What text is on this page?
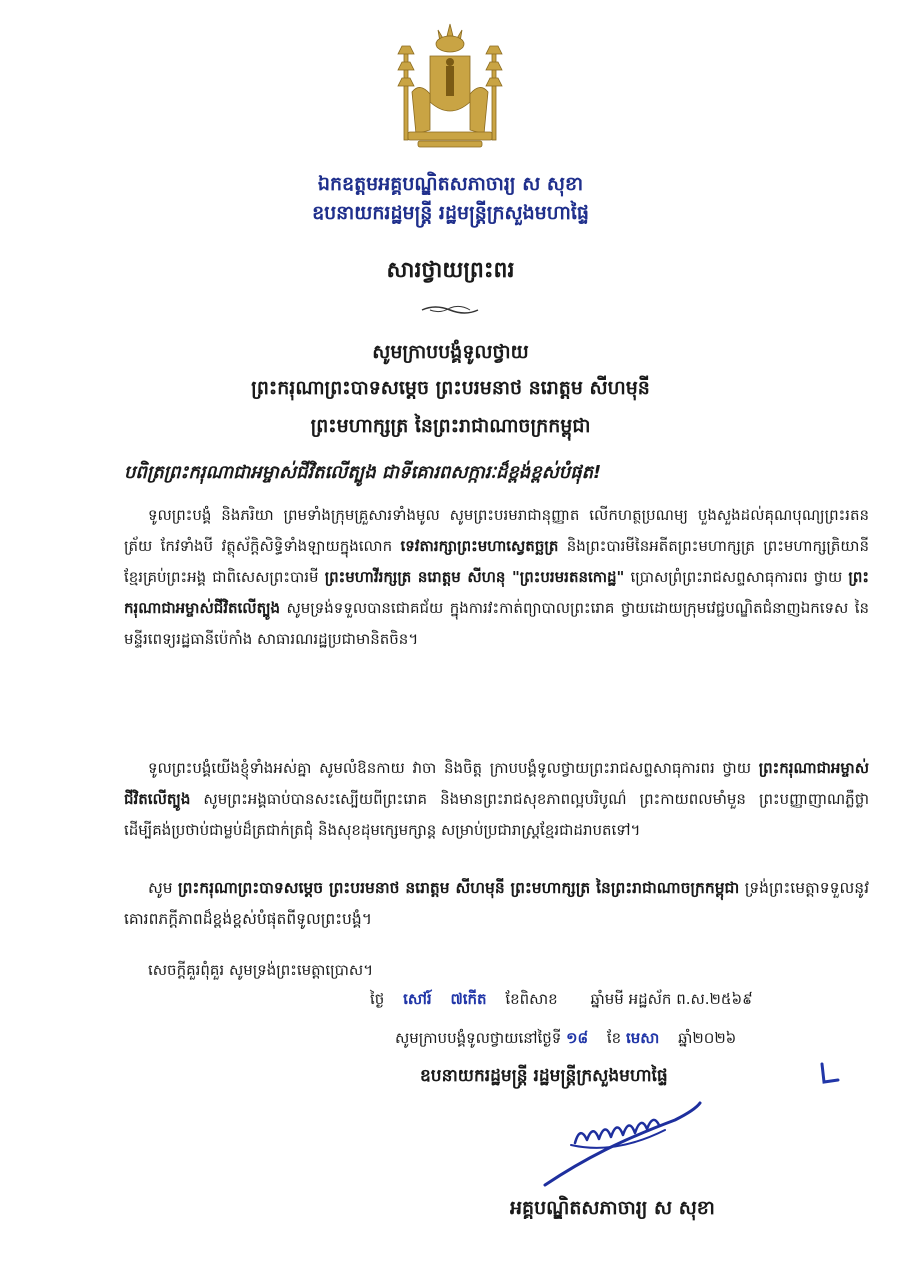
ឯកឧត្តមអគ្គបណ្ឌិតសភាចារ្យ ស សុខា
ឧបនាយករដ្ឋមន្ត្រី រដ្ឋមន្ត្រីក្រសួងមហាផ្ទៃ
សារថ្វាយព្រះពរ
សូមក្រាបបង្គំទូលថ្វាយ
ព្រះករុណាព្រះបាទសម្ដេច ព្រះបរមនាថ នរោត្តម សីហមុនី
ព្រះមហាក្សត្រ នៃព្រះរាជាណាចក្រកម្ពុជា
បពិត្រព្រះករុណាជាអម្ចាស់ជីវិតលើត្បូង ជាទីគោរពសក្ការៈដ៏ខ្ពង់ខ្ពស់បំផុត!
ទូលព្រះបង្គំ និងភរិយា ព្រមទាំងក្រុមគ្រួសារទាំងមូល សូមព្រះបរមរាជានុញ្ញាត លើកហត្ថប្រណម្យ បួងសួងដល់គុណបុណ្យព្រះរតនត្រ័យ កែវទាំងបី វត្ថុស័ក្តិសិទ្ធិទាំងឡាយក្នុងលោក ទេវតារក្សាព្រះមហាស្វេតច្ឆត្រ និងព្រះបារមីនៃអតីតព្រះមហាក្សត្រ ព្រះមហាក្សត្រិយានីខ្មែរគ្រប់ព្រះអង្គ ជាពិសេសព្រះបារមី ព្រះមហាវីរក្សត្រ នរោត្តម សីហនុ "ព្រះបរមរតនកោដ្ឋ" ប្រោសព្រំព្រះរាជសព្ទសាធុការពរ ថ្វាយ ព្រះករុណាជាអម្ចាស់ជីវិតលើត្បូង សូមទ្រង់ទទួលបានជោគជ័យ ក្នុងការវះកាត់ព្យាបាលព្រះរោគ ថ្វាយដោយក្រុមវេជ្ជបណ្ឌិតជំនាញឯកទេស នៃមន្ទីរពេទ្យរដ្ឋធានីប៉េកាំង សាធារណរដ្ឋប្រជាមានិតចិន។
ទូលព្រះបង្គំយើងខ្ញុំទាំងអស់គ្នា សូមលំឱនកាយ វាចា និងចិត្ត ក្រាបបង្គំទូលថ្វាយព្រះរាជសព្ទសាធុការពរ ថ្វាយ ព្រះករុណាជាអម្ចាស់ជីវិតលើត្បូង សូមព្រះអង្គធាប់បានសះស្បើយពីព្រះរោគ និងមានព្រះរាជសុខភាពល្អបរិបូណ៌ ព្រះកាយពលមាំមួន ព្រះបញ្ញាញាណភ្លឺថ្លា ដើម្បីគង់ប្រថាប់ជាម្លប់ដ៏ត្រជាក់ត្រជុំ និងសុខដុមក្សេមក្សាន្ត សម្រាប់ប្រជារាស្ត្រខ្មែរជាដរាបតទៅ។
សូម ព្រះករុណាព្រះបាទសម្ដេច ព្រះបរមនាថ នរោត្តម សីហមុនី ព្រះមហាក្សត្រ នៃព្រះរាជាណាចក្រកម្ពុជា ទ្រង់ព្រះមេត្តាទទួលនូវគោរពភក្ដីភាពដ៏ខ្ពង់ខ្ពស់បំផុតពីទូលព្រះបង្គំ។
សេចក្តីគួរពុំគួរ សូមទ្រង់ព្រះមេត្តាប្រោស។
ថ្ងៃ សៅរ៍ ៧កើត ខែពិសាខ ឆ្នាំមមី អដ្ឋស័ក ព.ស.២៥៦៩
សូមក្រាបបង្គំទូលថ្វាយនៅថ្ងៃទី ១៨ ខែ មេសា ឆ្នាំ២០២៦
ឧបនាយករដ្ឋមន្ត្រី រដ្ឋមន្ត្រីក្រសួងមហាផ្ទៃ
អគ្គបណ្ឌិតសភាចារ្យ ស សុខា
